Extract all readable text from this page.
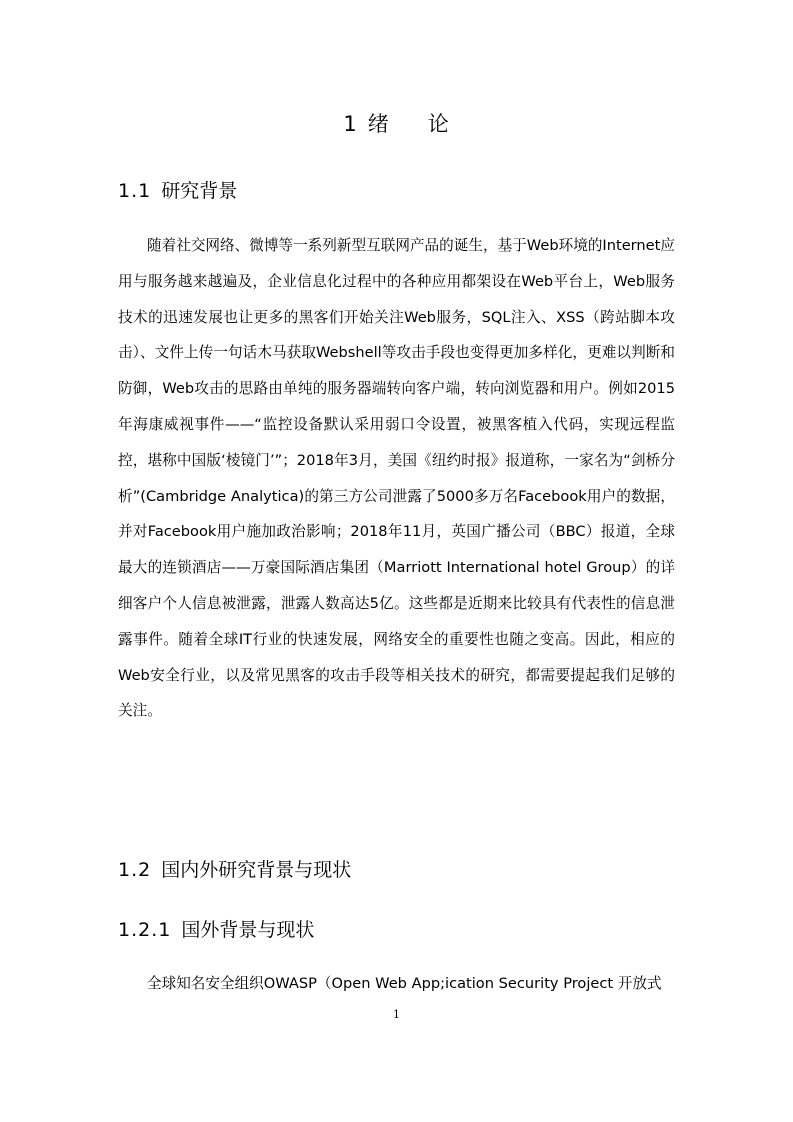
1 绪 论
1.1 研究背景

随着社交网络、微博等一系列新型互联网产品的诞生，基于Web环境的Internet应用与服务越来越遍及，企业信息化过程中的各种应用都架设在Web平台上，Web服务技术的迅速发展也让更多的黑客们开始关注Web服务，SQL注入、XSS（跨站脚本攻击）、文件上传一句话木马获取Webshell等攻击手段也变得更加多样化，更难以判断和防御，Web攻击的思路由单纯的服务器端转向客户端，转向浏览器和用户。例如2015年海康威视事件——“监控设备默认采用弱口令设置，被黑客植入代码，实现远程监控，堪称中国版‘棱镜门’”；2018年3月，美国《纽约时报》报道称，一家名为“剑桥分析”(Cambridge Analytica)的第三方公司泄露了5000多万名Facebook用户的数据，并对Facebook用户施加政治影响；2018年11月，英国广播公司（BBC）报道，全球最大的连锁酒店——万豪国际酒店集团（Marriott International hotel Group）的详细客户个人信息被泄露，泄露人数高达5亿。这些都是近期来比较具有代表性的信息泄露事件。随着全球IT行业的快速发展，网络安全的重要性也随之变高。因此，相应的Web安全行业，以及常见黑客的攻击手段等相关技术的研究，都需要提起我们足够的关注。

1.2 国内外研究背景与现状
1.2.1 国外背景与现状

全球知名安全组织OWASP（Open Web App;ication Security Project 开放式

1
